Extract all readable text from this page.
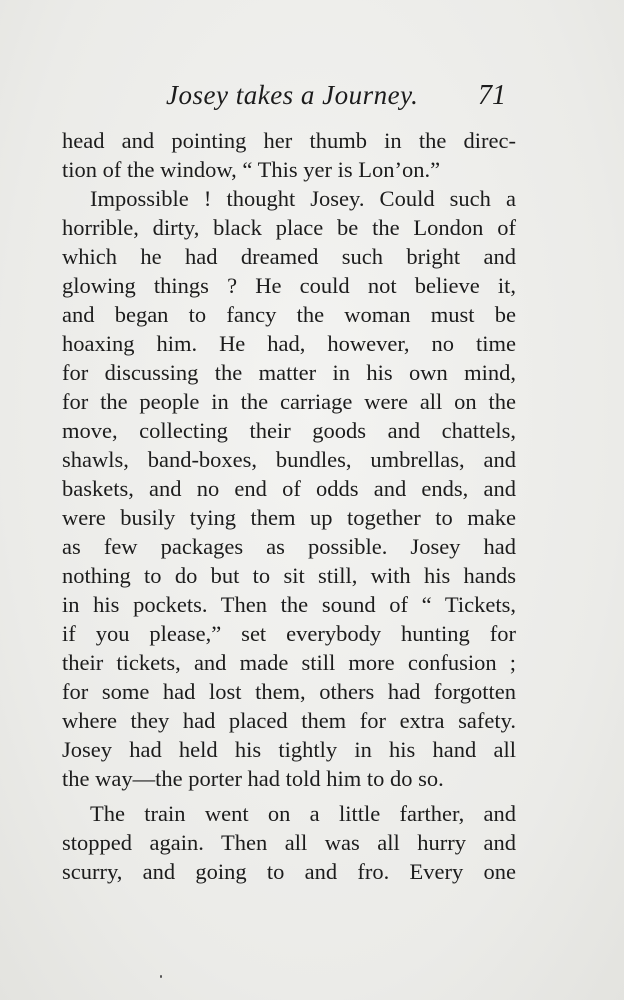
Josey takes a Journey. 71
head and pointing her thumb in the direc-
tion of the window, “ This yer is Lon’on.”
Impossible ! thought Josey. Could such a
horrible, dirty, black place be the London of
which he had dreamed such bright and
glowing things ? He could not believe it,
and began to fancy the woman must be
hoaxing him. He had, however, no time
for discussing the matter in his own mind,
for the people in the carriage were all on the
move, collecting their goods and chattels,
shawls, band-boxes, bundles, umbrellas, and
baskets, and no end of odds and ends, and
were busily tying them up together to make
as few packages as possible. Josey had
nothing to do but to sit still, with his hands
in his pockets. Then the sound of “ Tickets,
if you please,” set everybody hunting for
their tickets, and made still more confusion ;
for some had lost them, others had forgotten
where they had placed them for extra safety.
Josey had held his tightly in his hand all
the way—the porter had told him to do so.
The train went on a little farther, and
stopped again. Then all was all hurry and
scurry, and going to and fro. Every one
